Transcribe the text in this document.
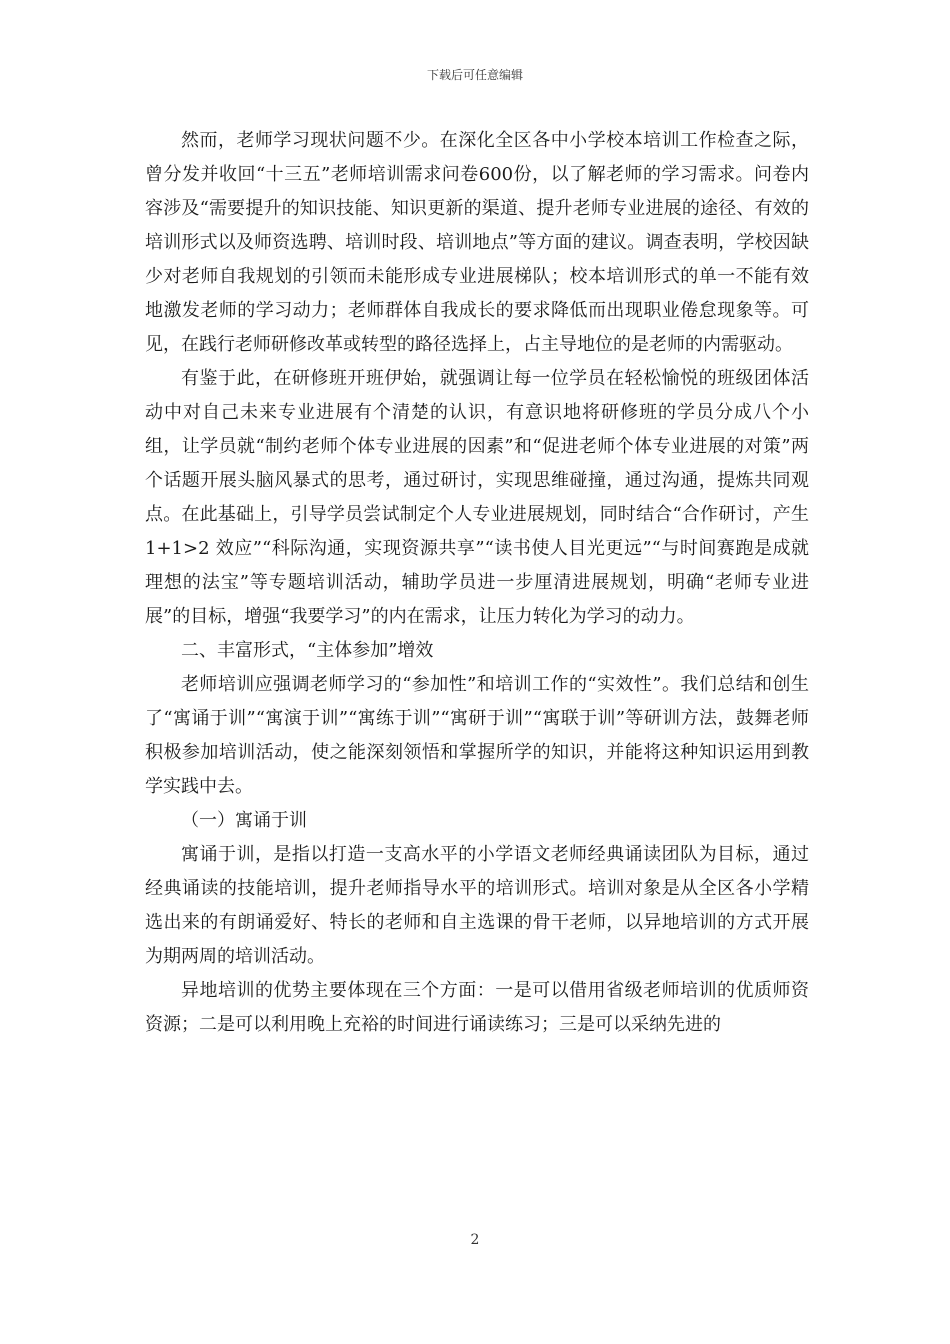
下载后可任意编辑

然而，老师学习现状问题不少。在深化全区各中小学校本培训工作检查之际，曾分发并收回“十三五”老师培训需求问卷600份，以了解老师的学习需求。问卷内容涉及“需要提升的知识技能、知识更新的渠道、提升老师专业进展的途径、有效的培训形式以及师资选聘、培训时段、培训地点”等方面的建议。调查表明，学校因缺少对老师自我规划的引领而未能形成专业进展梯队；校本培训形式的单一不能有效地激发老师的学习动力；老师群体自我成长的要求降低而出现职业倦怠现象等。可见，在践行老师研修改革或转型的路径选择上，占主导地位的是老师的内需驱动。

有鉴于此，在研修班开班伊始，就强调让每一位学员在轻松愉悦的班级团体活动中对自己未来专业进展有个清楚的认识，有意识地将研修班的学员分成八个小组，让学员就“制约老师个体专业进展的因素”和“促进老师个体专业进展的对策”两个话题开展头脑风暴式的思考，通过研讨，实现思维碰撞，通过沟通，提炼共同观点。在此基础上，引导学员尝试制定个人专业进展规划，同时结合“合作研讨，产生 1+1>2 效应”“科际沟通，实现资源共享”“读书使人目光更远”“与时间赛跑是成就理想的法宝”等专题培训活动，辅助学员进一步厘清进展规划，明确“老师专业进展”的目标，增强“我要学习”的内在需求，让压力转化为学习的动力。

二、丰富形式，“主体参加”增效

老师培训应强调老师学习的“参加性”和培训工作的“实效性”。我们总结和创生了“寓诵于训”“寓演于训”“寓练于训”“寓研于训”“寓联于训”等研训方法，鼓舞老师积极参加培训活动，使之能深刻领悟和掌握所学的知识，并能将这种知识运用到教学实践中去。

（一）寓诵于训

寓诵于训，是指以打造一支高水平的小学语文老师经典诵读团队为目标，通过经典诵读的技能培训，提升老师指导水平的培训形式。培训对象是从全区各小学精选出来的有朗诵爱好、特长的老师和自主选课的骨干老师，以异地培训的方式开展为期两周的培训活动。

异地培训的优势主要体现在三个方面：一是可以借用省级老师培训的优质师资资源；二是可以利用晚上充裕的时间进行诵读练习；三是可以采纳先进的

2
